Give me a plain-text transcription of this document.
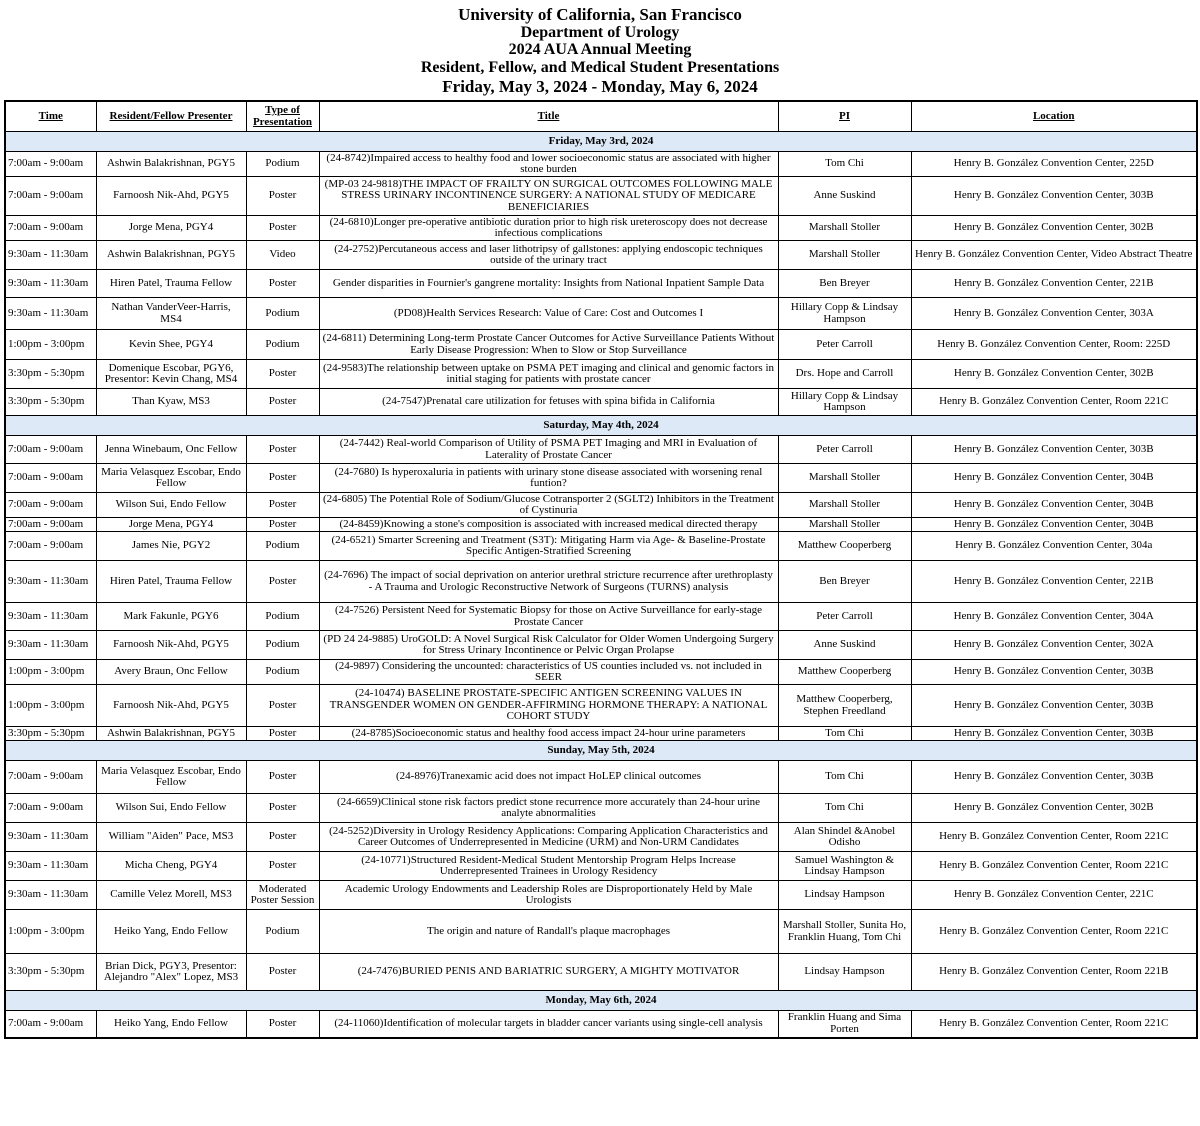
University of California, San Francisco
Department of Urology
2024 AUA Annual Meeting
Resident, Fellow, and Medical Student Presentations
Friday, May 3, 2024 - Monday, May 6, 2024
Time	Resident/Fellow Presenter	Type of Presentation	Title	PI	Location
Friday, May 3rd, 2024					
7:00am - 9:00am	Ashwin Balakrishnan, PGY5	Podium	(24-8742)Impaired access to healthy food and lower socioeconomic status are associated with higher stone burden	Tom Chi	Henry B. González Convention Center, 225D
7:00am - 9:00am	Farnoosh Nik-Ahd, PGY5	Poster	(MP-03 24-9818)THE IMPACT OF FRAILTY ON SURGICAL OUTCOMES FOLLOWING MALE STRESS URINARY INCONTINENCE SURGERY: A NATIONAL STUDY OF MEDICARE BENEFICIARIES	Anne Suskind	Henry B. González Convention Center, 303B
7:00am - 9:00am	Jorge Mena, PGY4	Poster	(24-6810)Longer pre-operative antibiotic duration prior to high risk ureteroscopy does not decrease infectious complications	Marshall Stoller	Henry B. González Convention Center, 302B
9:30am - 11:30am	Ashwin Balakrishnan, PGY5	Video	(24-2752)Percutaneous access and laser lithotripsy of gallstones: applying endoscopic techniques outside of the urinary tract	Marshall Stoller	Henry B. González Convention Center, Video Abstract Theatre
9:30am - 11:30am	Hiren Patel, Trauma Fellow	Poster	Gender disparities in Fournier's gangrene mortality: Insights from National Inpatient Sample Data	Ben Breyer	Henry B. González Convention Center, 221B
9:30am - 11:30am	Nathan VanderVeer-Harris, MS4	Podium	(PD08)Health Services Research: Value of Care: Cost and Outcomes I	Hillary Copp & Lindsay Hampson	Henry B. González Convention Center, 303A
1:00pm - 3:00pm	Kevin Shee, PGY4	Podium	(24-6811) Determining Long-term Prostate Cancer Outcomes for Active Surveillance Patients Without Early Disease Progression: When to Slow or Stop Surveillance	Peter Carroll	Henry B. González Convention Center, Room: 225D
3:30pm - 5:30pm	Domenique Escobar, PGY6, Presentor: Kevin Chang, MS4	Poster	(24-9583)The relationship between uptake on PSMA PET imaging and clinical and genomic factors in initial staging for patients with prostate cancer	Drs. Hope and Carroll	Henry B. González Convention Center, 302B
3:30pm - 5:30pm	Than Kyaw, MS3	Poster	(24-7547)Prenatal care utilization for fetuses with spina bifida in California	Hillary Copp & Lindsay Hampson	Henry B. González Convention Center, Room 221C
Saturday, May 4th, 2024					
7:00am - 9:00am	Jenna Winebaum, Onc Fellow	Poster	(24-7442) Real-world Comparison of Utility of PSMA PET Imaging and MRI in Evaluation of Laterality of Prostate Cancer	Peter Carroll	Henry B. González Convention Center, 303B
7:00am - 9:00am	Maria Velasquez Escobar, Endo Fellow	Poster	(24-7680) Is hyperoxaluria in patients with urinary stone disease associated with worsening renal funtion?	Marshall Stoller	Henry B. González Convention Center, 304B
7:00am - 9:00am	Wilson Sui, Endo Fellow	Poster	(24-6805) The Potential Role of Sodium/Glucose Cotransporter 2 (SGLT2) Inhibitors in the Treatment of Cystinuria	Marshall Stoller	Henry B. González Convention Center, 304B
7:00am - 9:00am	Jorge Mena, PGY4	Poster	(24-8459)Knowing a stone's composition is associated with increased medical directed therapy	Marshall Stoller	Henry B. González Convention Center, 304B
7:00am - 9:00am	James Nie, PGY2	Podium	(24-6521) Smarter Screening and Treatment (S3T): Mitigating Harm via Age- & Baseline-Prostate Specific Antigen-Stratified Screening	Matthew Cooperberg	Henry B. González Convention Center, 304a
9:30am - 11:30am	Hiren Patel, Trauma Fellow	Poster	(24-7696) The impact of social deprivation on anterior urethral stricture recurrence after urethroplasty - A Trauma and Urologic Reconstructive Network of Surgeons (TURNS) analysis	Ben Breyer	Henry B. González Convention Center, 221B
9:30am - 11:30am	Mark Fakunle, PGY6	Podium	(24-7526) Persistent Need for Systematic Biopsy for those on Active Surveillance for early-stage Prostate Cancer	Peter Carroll	Henry B. González Convention Center, 304A
9:30am - 11:30am	Farnoosh Nik-Ahd, PGY5	Podium	(PD 24 24-9885) UroGOLD: A Novel Surgical Risk Calculator for Older Women Undergoing Surgery for Stress Urinary Incontinence or Pelvic Organ Prolapse	Anne Suskind	Henry B. González Convention Center, 302A
1:00pm - 3:00pm	Avery Braun, Onc Fellow	Podium	(24-9897) Considering the uncounted: characteristics of US counties included vs. not included in SEER	Matthew Cooperberg	Henry B. González Convention Center, 303B
1:00pm - 3:00pm	Farnoosh Nik-Ahd, PGY5	Poster	(24-10474) BASELINE PROSTATE-SPECIFIC ANTIGEN SCREENING VALUES IN TRANSGENDER WOMEN ON GENDER-AFFIRMING HORMONE THERAPY: A NATIONAL COHORT STUDY	Matthew Cooperberg, Stephen Freedland	Henry B. González Convention Center, 303B
3:30pm - 5:30pm	Ashwin Balakrishnan, PGY5	Poster	(24-8785)Socioeconomic status and healthy food access impact 24-hour urine parameters	Tom Chi	Henry B. González Convention Center, 303B
Sunday, May 5th, 2024					
7:00am - 9:00am	Maria Velasquez Escobar, Endo Fellow	Poster	(24-8976)Tranexamic acid does not impact HoLEP clinical outcomes	Tom Chi	Henry B. González Convention Center, 303B
7:00am - 9:00am	Wilson Sui, Endo Fellow	Poster	(24-6659)Clinical stone risk factors predict stone recurrence more accurately than 24-hour urine analyte abnormalities	Tom Chi	Henry B. González Convention Center, 302B
9:30am - 11:30am	William "Aiden" Pace, MS3	Poster	(24-5252)Diversity in Urology Residency Applications: Comparing Application Characteristics and Career Outcomes of Underrepresented in Medicine (URM) and Non-URM Candidates	Alan Shindel &Anobel Odisho	Henry B. González Convention Center, Room 221C
9:30am - 11:30am	Micha Cheng, PGY4	Poster	(24-10771)Structured Resident-Medical Student Mentorship Program Helps Increase Underrepresented Trainees in Urology Residency	Samuel Washington & Lindsay Hampson	Henry B. González Convention Center, Room 221C
9:30am - 11:30am	Camille Velez Morell, MS3	Moderated Poster Session	Academic Urology Endowments and Leadership Roles are Disproportionately Held by Male Urologists	Lindsay Hampson	Henry B. González Convention Center, 221C
1:00pm - 3:00pm	Heiko Yang, Endo Fellow	Podium	The origin and nature of Randall's plaque macrophages	Marshall Stoller, Sunita Ho, Franklin Huang, Tom Chi	Henry B. González Convention Center, Room 221C
3:30pm - 5:30pm	Brian Dick, PGY3, Presentor: Alejandro "Alex" Lopez, MS3	Poster	(24-7476)BURIED PENIS AND BARIATRIC SURGERY, A MIGHTY MOTIVATOR	Lindsay Hampson	Henry B. González Convention Center, Room 221B
Monday, May 6th, 2024					
7:00am - 9:00am	Heiko Yang, Endo Fellow	Poster	(24-11060)Identification of molecular targets in bladder cancer variants using single-cell analysis	Franklin Huang and Sima Porten	Henry B. González Convention Center, Room 221C
